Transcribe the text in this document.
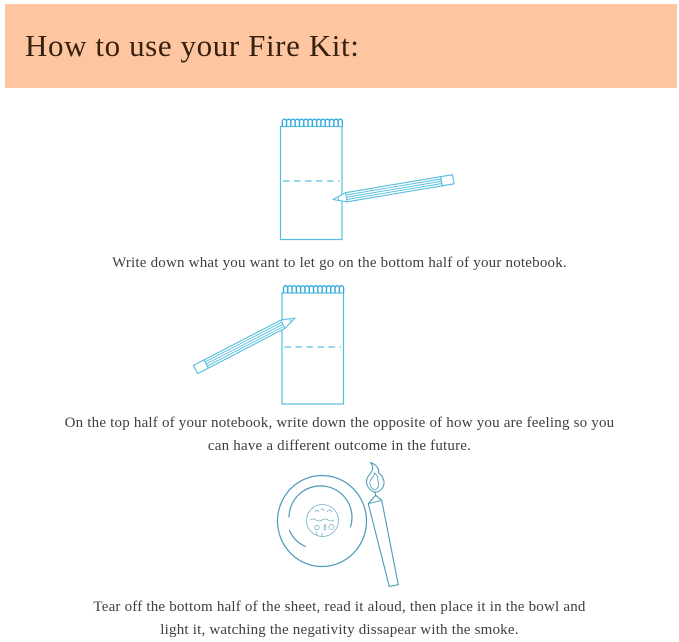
How to use your Fire Kit:
Write down what you want to let go on the bottom half of your notebook.
On the top half of your notebook, write down the opposite of how you are feeling so you
can have a different outcome in the future.
Tear off the bottom half of the sheet, read it aloud, then place it in the bowl and
light it, watching the negativity dissapear with the smoke.
